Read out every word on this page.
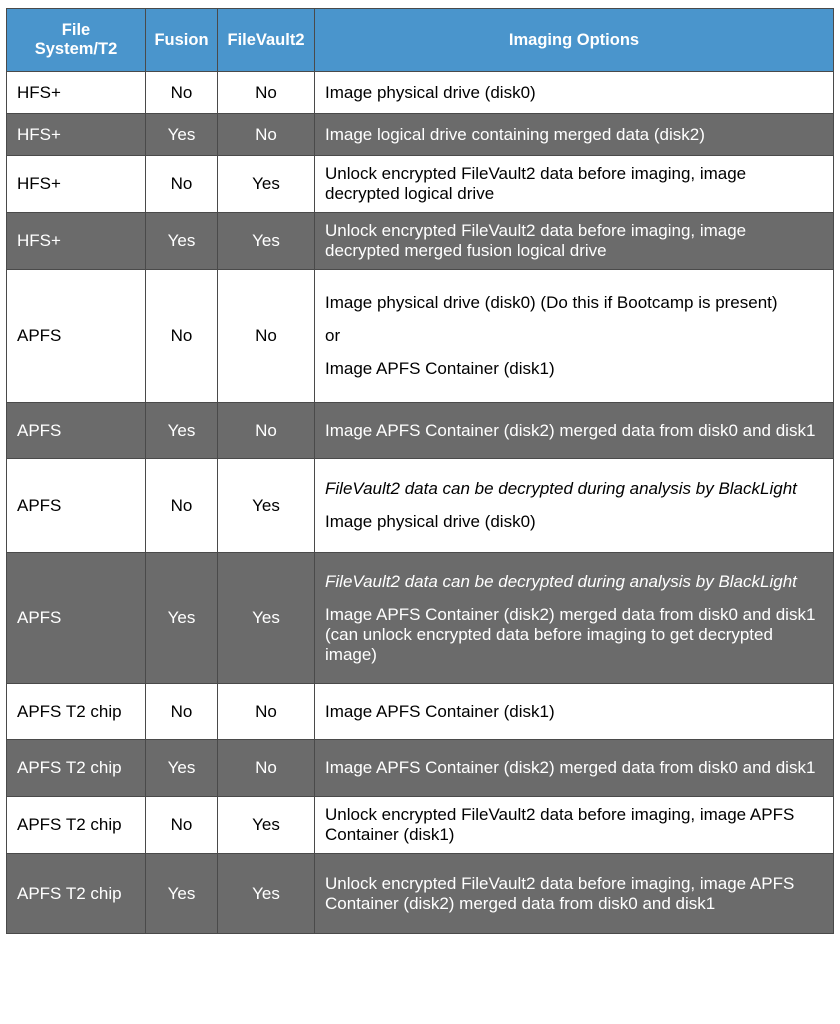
File System/T2	Fusion	FileVault2	Imaging Options
HFS+	No	No	Image physical drive (disk0)

HFS+	Yes	No	Image logical drive containing merged data (disk2)

HFS+	No	Yes	Unlock encrypted FileVault2 data before imaging, image decrypted logical drive

HFS+	Yes	Yes	Unlock encrypted FileVault2 data before imaging, image decrypted merged fusion logical drive

APFS	No	No	Image physical drive (disk0) (Do this if Bootcamp is present)
or
Image APFS Container (disk1)

APFS	Yes	No	Image APFS Container (disk2) merged data from disk0 and disk1

APFS	No	Yes	FileVault2 data can be decrypted during analysis by BlackLight
Image physical drive (disk0)

APFS	Yes	Yes	FileVault2 data can be decrypted during analysis by BlackLight
Image APFS Container (disk2) merged data from disk0 and disk1 (can unlock encrypted data before imaging to get decrypted image)

APFS T2 chip	No	No	Image APFS Container (disk1)

APFS T2 chip	Yes	No	Image APFS Container (disk2) merged data from disk0 and disk1

APFS T2 chip	No	Yes	Unlock encrypted FileVault2 data before imaging, image APFS Container (disk1)

APFS T2 chip	Yes	Yes	Unlock encrypted FileVault2 data before imaging, image APFS Container (disk2) merged data from disk0 and disk1
